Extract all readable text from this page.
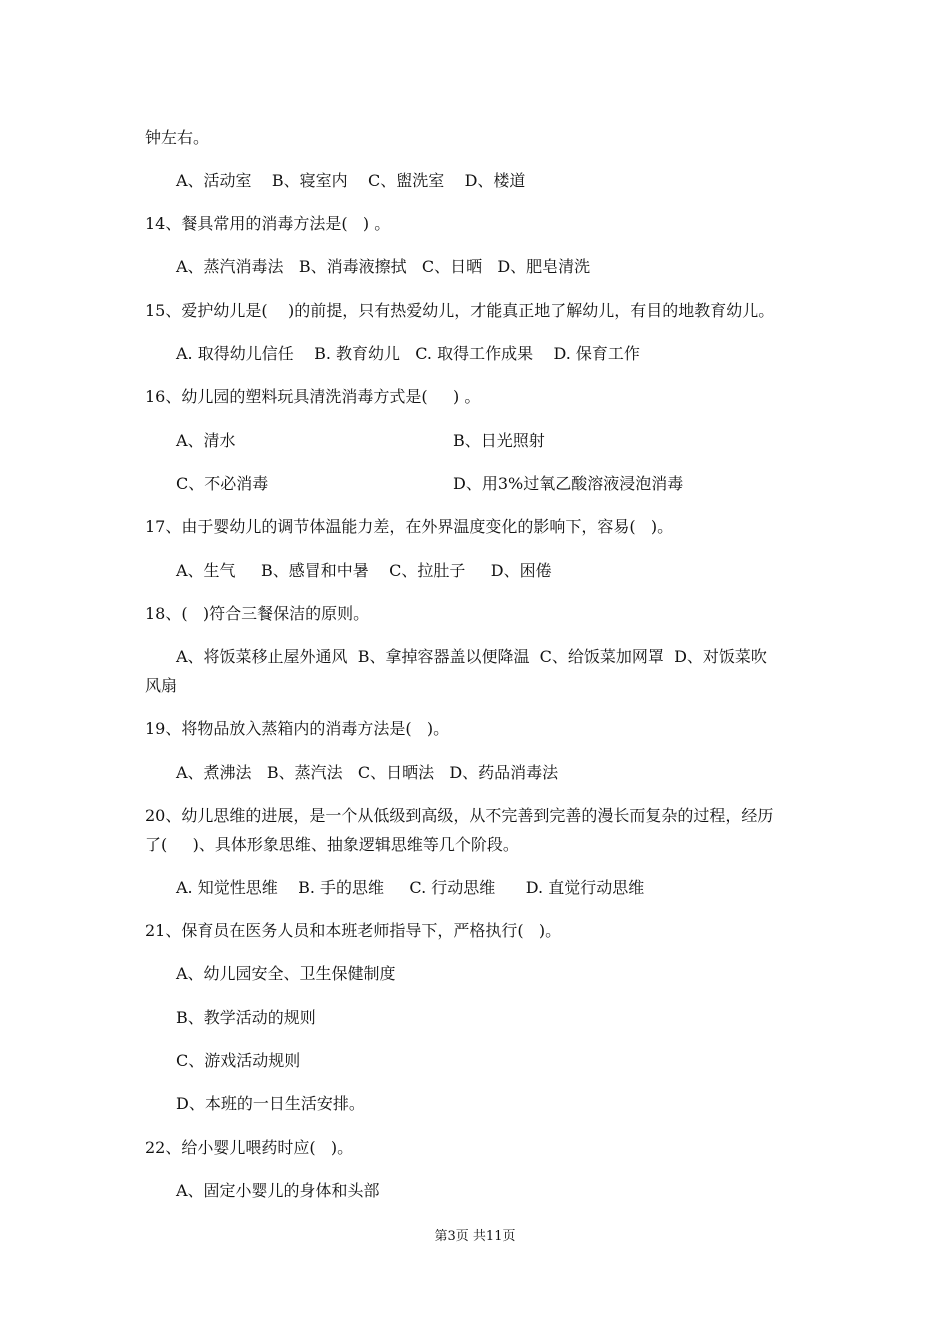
钟左右。
A、活动室    B、寝室内    C、盥洗室    D、楼道
14、餐具常用的消毒方法是(   ) 。
A、蒸汽消毒法   B、消毒液擦拭   C、日晒   D、肥皂清洗
15、爱护幼儿是(    )的前提，只有热爱幼儿，才能真正地了解幼儿，有目的地教育幼儿。
A. 取得幼儿信任    B. 教育幼儿   C. 取得工作成果    D. 保育工作
16、幼儿园的塑料玩具清洗消毒方式是(     ) 。
A、清水	B、日光照射
C、不必消毒	D、用3%过氧乙酸溶液浸泡消毒
17、由于婴幼儿的调节体温能力差，在外界温度变化的影响下，容易(   )。
A、生气     B、感冒和中暑    C、拉肚子     D、困倦
18、(   )符合三餐保洁的原则。
A、将饭菜移止屋外通风  B、拿掉容器盖以便降温  C、给饭菜加网罩  D、对饭菜吹
风扇
19、将物品放入蒸箱内的消毒方法是(   )。
A、煮沸法   B、蒸汽法   C、日晒法   D、药品消毒法
20、幼儿思维的进展，是一个从低级到高级，从不完善到完善的漫长而复杂的过程，经历
了(     )、具体形象思维、抽象逻辑思维等几个阶段。
A. 知觉性思维    B. 手的思维     C. 行动思维      D. 直觉行动思维
21、保育员在医务人员和本班老师指导下，严格执行(   )。
A、幼儿园安全、卫生保健制度
B、教学活动的规则
C、游戏活动规则
D、本班的一日生活安排。
22、给小婴儿喂药时应(   )。
A、固定小婴儿的身体和头部
第3页 共11页
